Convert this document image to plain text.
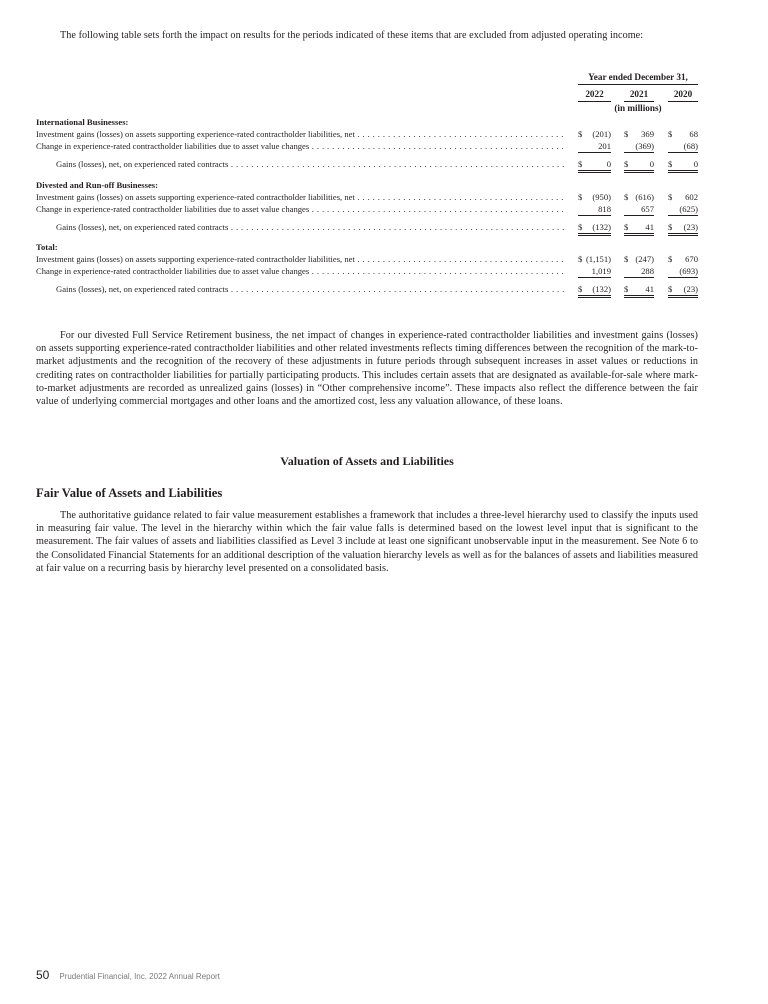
The following table sets forth the impact on results for the periods indicated of these items that are excluded from adjusted operating income:

Year ended December 31,
2022	2021	2020
(in millions)
International Businesses:
Investment gains (losses) on assets supporting experience-rated contractholder liabilities, net . . .	$ (201) $ 369 $ 68
Change in experience-rated contractholder liabilities due to asset value changes . . .	201	(369)	(68)
Gains (losses), net, on experienced rated contracts . . .	$	0 $ 0 $ 0
Divested and Run-off Businesses:
Investment gains (losses) on assets supporting experience-rated contractholder liabilities, net . . .	$ (950) $ (616) $ 602
Change in experience-rated contractholder liabilities due to asset value changes . . .	818	657	(625)
Gains (losses), net, on experienced rated contracts . . .	$ (132) $ 41 $ (23)
Total:
Investment gains (losses) on assets supporting experience-rated contractholder liabilities, net . . .	$ (1,151) $ (247) $ 670
Change in experience-rated contractholder liabilities due to asset value changes . . .	1,019	288	(693)
Gains (losses), net, on experienced rated contracts . . .	$ (132) $ 41 $ (23)

For our divested Full Service Retirement business, the net impact of changes in experience-rated contractholder liabilities and investment gains (losses) on assets supporting experience-rated contractholder liabilities and other related investments reflects timing differences between the recognition of the mark-to-market adjustments and the recognition of the recovery of these adjustments in future periods through subsequent increases in asset values or reductions in crediting rates on contractholder liabilities for partially participating products. This includes certain assets that are designated as available-for-sale where mark-to-market adjustments are recorded as unrealized gains (losses) in “Other comprehensive income”. These impacts also reflect the difference between the fair value of underlying commercial mortgages and other loans and the amortized cost, less any valuation allowance, of these loans.

Valuation of Assets and Liabilities
Fair Value of Assets and Liabilities

The authoritative guidance related to fair value measurement establishes a framework that includes a three-level hierarchy used to classify the inputs used in measuring fair value. The level in the hierarchy within which the fair value falls is determined based on the lowest level input that is significant to the measurement. The fair values of assets and liabilities classified as Level 3 include at least one significant unobservable input in the measurement. See Note 6 to the Consolidated Financial Statements for an additional description of the valuation hierarchy levels as well as for the balances of assets and liabilities measured at fair value on a recurring basis by hierarchy level presented on a consolidated basis.

50 Prudential Financial, Inc. 2022 Annual Report
